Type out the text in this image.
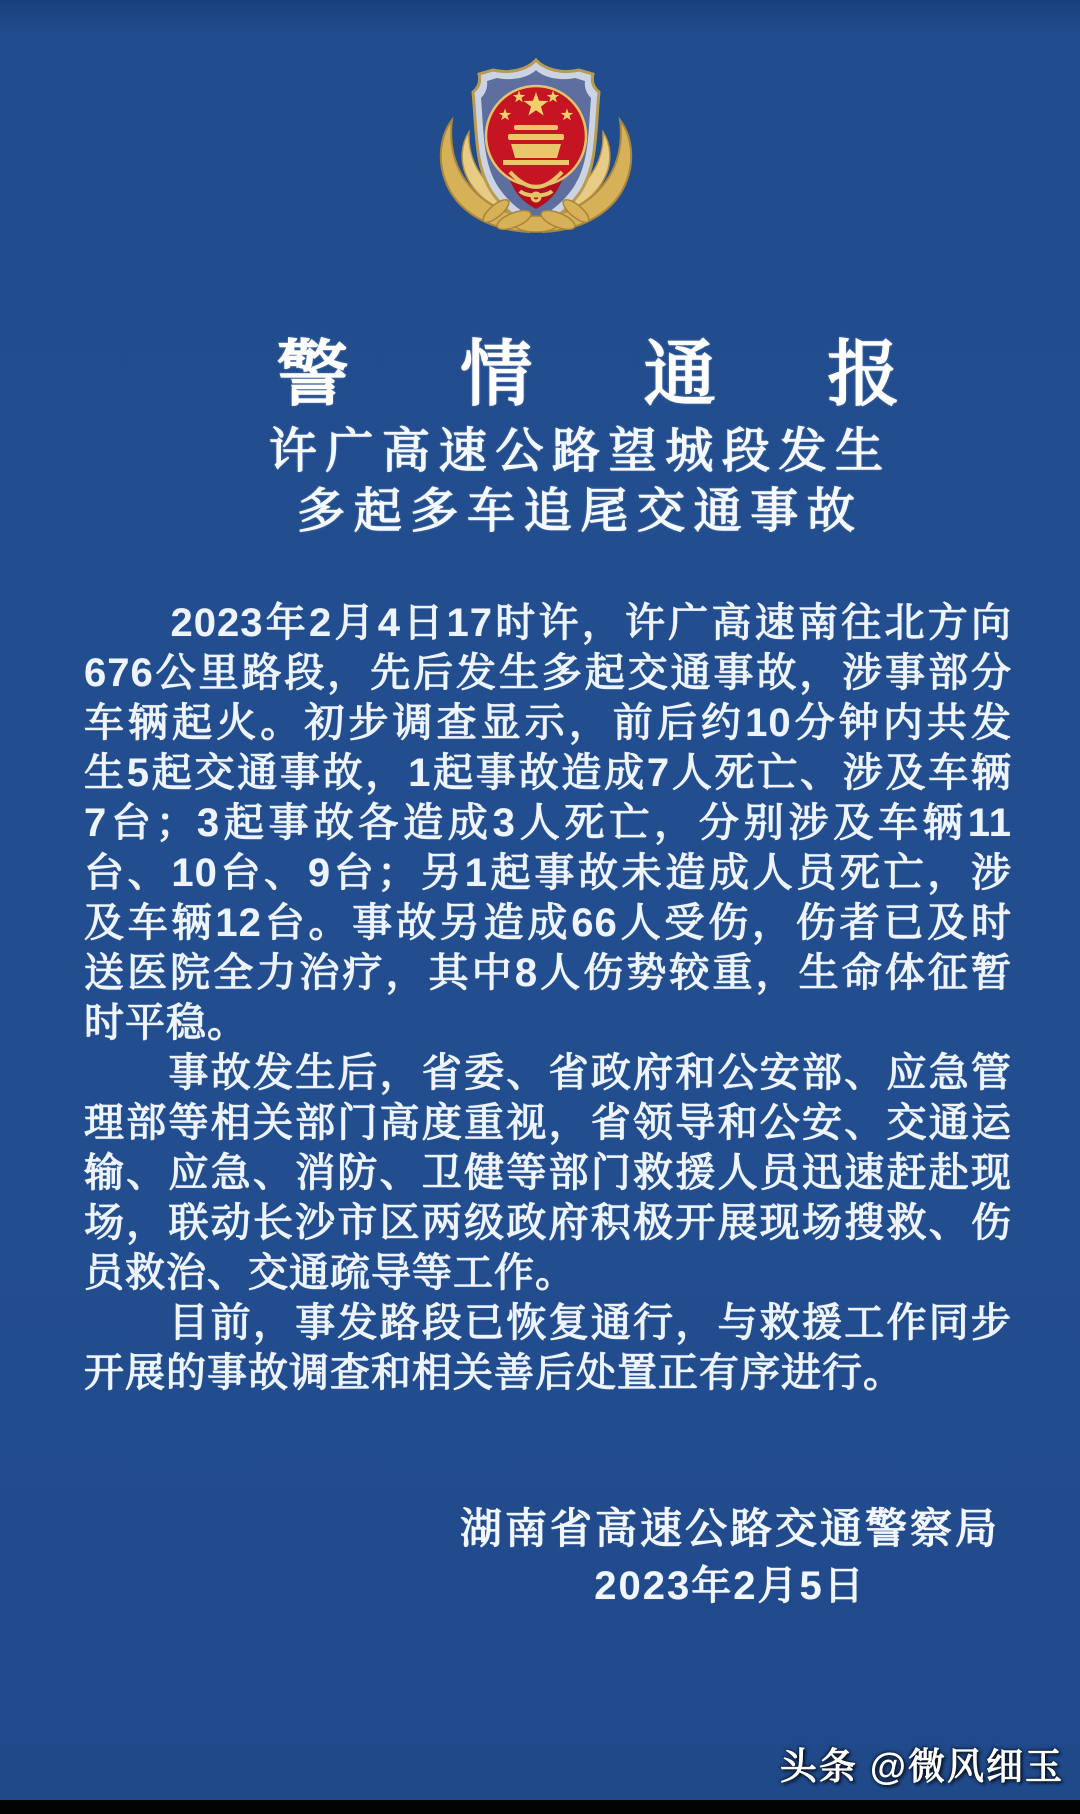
警情通报
许广高速公路望城段发生
多起多车追尾交通事故
　　2023年2月4日17时许，许广高速南往北方向
676公里路段，先后发生多起交通事故，涉事部分
车辆起火。初步调查显示，前后约10分钟内共发
生5起交通事故，1起事故造成7人死亡、涉及车辆
7台；3起事故各造成3人死亡，分别涉及车辆11
台、10台、9台；另1起事故未造成人员死亡，涉
及车辆12台。事故另造成66人受伤，伤者已及时
送医院全力治疗，其中8人伤势较重，生命体征暂
时平稳。
　　事故发生后，省委、省政府和公安部、应急管
理部等相关部门高度重视，省领导和公安、交通运
输、应急、消防、卫健等部门救援人员迅速赶赴现
场，联动长沙市区两级政府积极开展现场搜救、伤
员救治、交通疏导等工作。
　　目前，事发路段已恢复通行，与救援工作同步
开展的事故调查和相关善后处置正有序进行。
湖南省高速公路交通警察局
2023年2月5日
头条 @微风细玉
